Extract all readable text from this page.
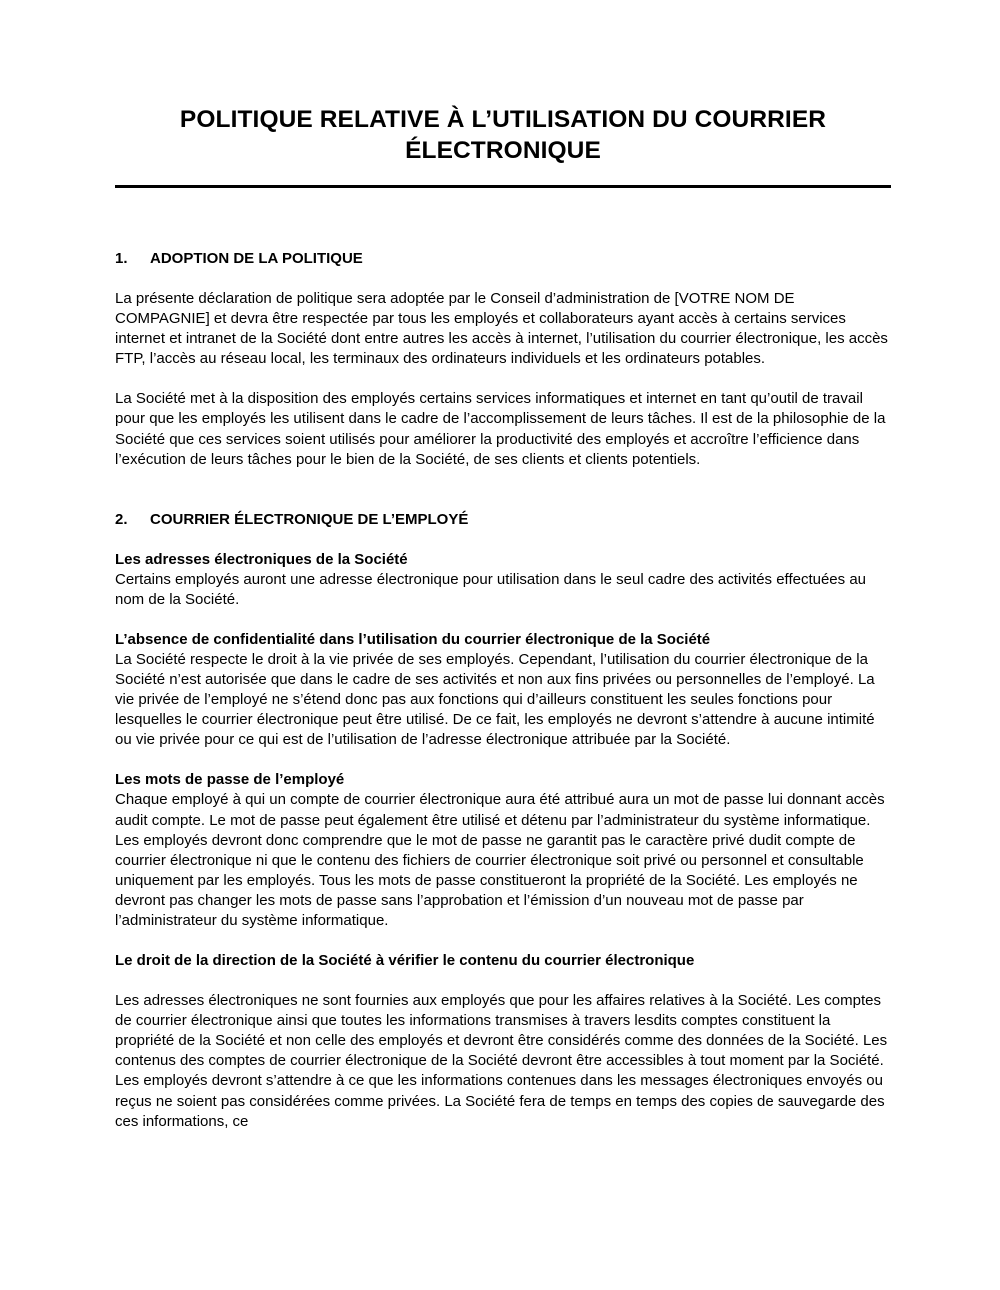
POLITIQUE RELATIVE À L’UTILISATION DU COURRIER
ÉLECTRONIQUE
1. ADOPTION DE LA POLITIQUE

La présente déclaration de politique sera adoptée par le Conseil d’administration de [VOTRE NOM DE COMPAGNIE] et devra être respectée par tous les employés et collaborateurs ayant accès à certains services internet et intranet de la Société dont entre autres les accès à internet, l’utilisation du courrier électronique, les accès FTP, l’accès au réseau local, les terminaux des ordinateurs individuels et les ordinateurs potables.

La Société met à la disposition des employés certains services informatiques et internet en tant qu’outil de travail pour que les employés les utilisent dans le cadre de l’accomplissement de leurs tâches. Il est de la philosophie de la Société que ces services soient utilisés pour améliorer la productivité des employés et accroître l’efficience dans l’exécution de leurs tâches pour le bien de la Société, de ses clients et clients potentiels.

2. COURRIER ÉLECTRONIQUE DE L’EMPLOYÉ

Les adresses électroniques de la Société

Certains employés auront une adresse électronique pour utilisation dans le seul cadre des activités effectuées au nom de la Société.

L’absence de confidentialité dans l’utilisation du courrier électronique de la Société

La Société respecte le droit à la vie privée de ses employés. Cependant, l’utilisation du courrier électronique de la Société n’est autorisée que dans le cadre de ses activités et non aux fins privées ou personnelles de l’employé. La vie privée de l’employé ne s’étend donc pas aux fonctions qui d’ailleurs constituent les seules fonctions pour lesquelles le courrier électronique peut être utilisé. De ce fait, les employés ne devront s’attendre à aucune intimité ou vie privée pour ce qui est de l’utilisation de l’adresse électronique attribuée par la Société.

Les mots de passe de l’employé

Chaque employé à qui un compte de courrier électronique aura été attribué aura un mot de passe lui donnant accès audit compte. Le mot de passe peut également être utilisé et détenu par l’administrateur du système informatique. Les employés devront donc comprendre que le mot de passe ne garantit pas le caractère privé dudit compte de courrier électronique ni que le contenu des fichiers de courrier électronique soit privé ou personnel et consultable uniquement par les employés. Tous les mots de passe constitueront la propriété de la Société. Les employés ne devront pas changer les mots de passe sans l’approbation et l’émission d’un nouveau mot de passe par l’administrateur du système informatique.

Le droit de la direction de la Société à vérifier le contenu du courrier électronique

Les adresses électroniques ne sont fournies aux employés que pour les affaires relatives à la Société. Les comptes de courrier électronique ainsi que toutes les informations transmises à travers lesdits comptes constituent la propriété de la Société et non celle des employés et devront être considérés comme des données de la Société. Les contenus des comptes de courrier électronique de la Société devront être accessibles à tout moment par la Société. Les employés devront s’attendre à ce que les informations contenues dans les messages électroniques envoyés ou reçus ne soient pas considérées comme privées. La Société fera de temps en temps des copies de sauvegarde des ces informations, ce
